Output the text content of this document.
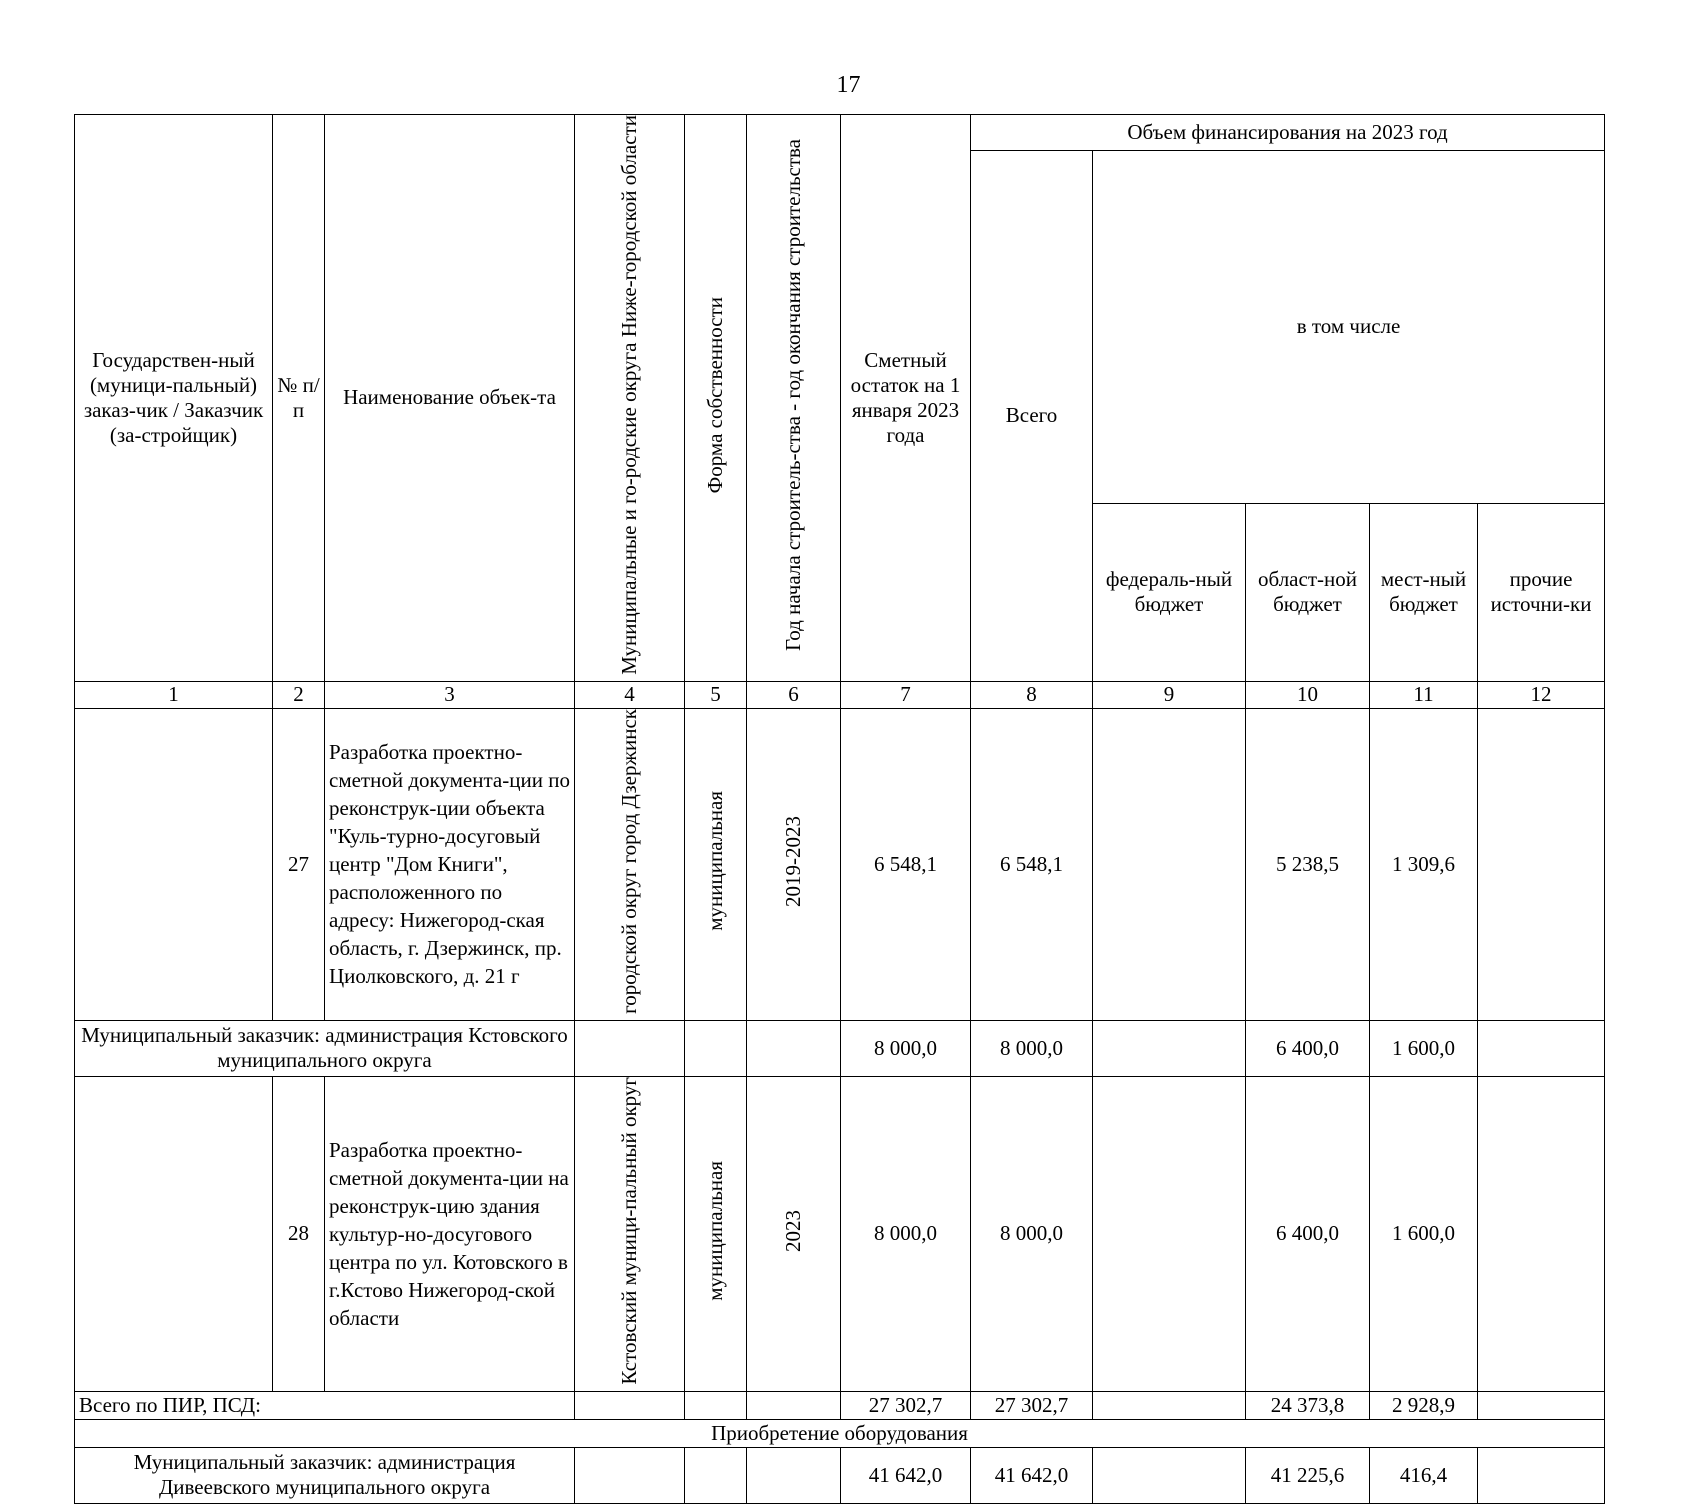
17
Государствен-ный (муници-пальный) заказ-чик / Заказчик (за-стройщик)	№ п/п	Наименование объек-та	Муниципальные и го-родские округа Ниже-городской области	Форма собственности	Год начала строитель-ства - год окончания строительства	Сметный остаток на 1 января 2023 года	Объем финансирования на 2023 год				
							Всего	в том числе			
								федераль-ный бюджет	област-ной бюджет	мест-ный бюджет	прочие источни-ки
1	2	3	4	5	6	7	8	9	10	11	12
	27	Разработка проектно-сметной документа-ции по реконструк-ции объекта "Куль-турно-досуговый центр "Дом Книги", расположенного по адресу: Нижегород-ская область, г. Дзержинск, пр. Циолковского, д. 21 г	городской округ город Дзержинск	муниципальная	2019-2023	6 548,1	6 548,1		5 238,5	1 309,6	
Муниципальный заказчик: администрация Кстовского муниципального округа						8 000,0	8 000,0		6 400,0	1 600,0	
	28	Разработка проектно-сметной документа-ции на реконструк-цию здания культур-но-досугового центра по ул. Котовского в г.Кстово Нижегород-ской области	Кстовский муници-пальный округ	муниципальная	2023	8 000,0	8 000,0		6 400,0	1 600,0	
Всего по ПИР, ПСД:						27 302,7	27 302,7		24 373,8	2 928,9	
Приобретение оборудования											
Муниципальный заказчик: администрация Дивеевского муниципального округа						41 642,0	41 642,0		41 225,6	416,4	
